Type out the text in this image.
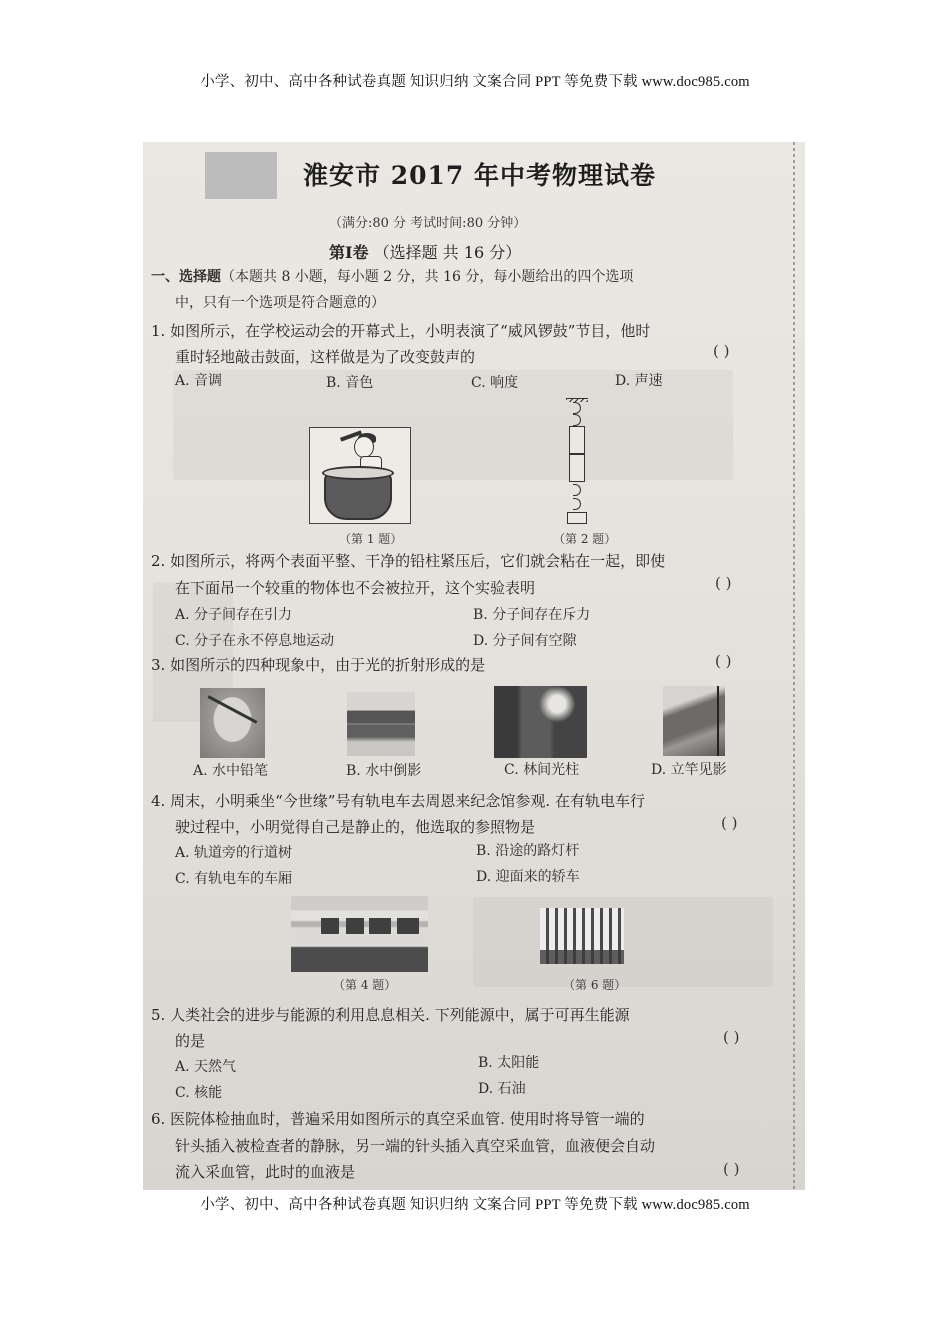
小学、初中、高中各种试卷真题 知识归纳 文案合同 PPT 等免费下载 www.doc985.com
淮安市 2017 年中考物理试卷
（满分:80 分 考试时间:80 分钟）
第Ⅰ卷 （选择题 共 16 分）
一、选择题（本题共 8 小题，每小题 2 分，共 16 分，每小题给出的四个选项
中，只有一个选项是符合题意的）
1. 如图所示，在学校运动会的开幕式上，小明表演了“威风锣鼓”节目，他时
重时轻地敲击鼓面，这样做是为了改变鼓声的	( )
A. 音调	B. 音色	C. 响度	D. 声速
（第 1 题）	（第 2 题）
2. 如图所示，将两个表面平整、干净的铅柱紧压后，它们就会粘在一起，即使
在下面吊一个较重的物体也不会被拉开，这个实验表明	( )
A. 分子间存在引力	B. 分子间存在斥力
C. 分子在永不停息地运动	D. 分子间有空隙
3. 如图所示的四种现象中，由于光的折射形成的是	( )
A. 水中铅笔	B. 水中倒影	C. 林间光柱	D. 立竿见影
4. 周末，小明乘坐“今世缘”号有轨电车去周恩来纪念馆参观. 在有轨电车行
驶过程中，小明觉得自己是静止的，他选取的参照物是	( )
A. 轨道旁的行道树	B. 沿途的路灯杆
C. 有轨电车的车厢	D. 迎面来的轿车
（第 4 题）	（第 6 题）
5. 人类社会的进步与能源的利用息息相关. 下列能源中，属于可再生能源
的是	( )
A. 天然气	B. 太阳能
C. 核能	D. 石油
6. 医院体检抽血时，普遍采用如图所示的真空采血管. 使用时将导管一端的
针头插入被检查者的静脉，另一端的针头插入真空采血管，血液便会自动
流入采血管，此时的血液是	( )
小学、初中、高中各种试卷真题 知识归纳 文案合同 PPT 等免费下载 www.doc985.com
